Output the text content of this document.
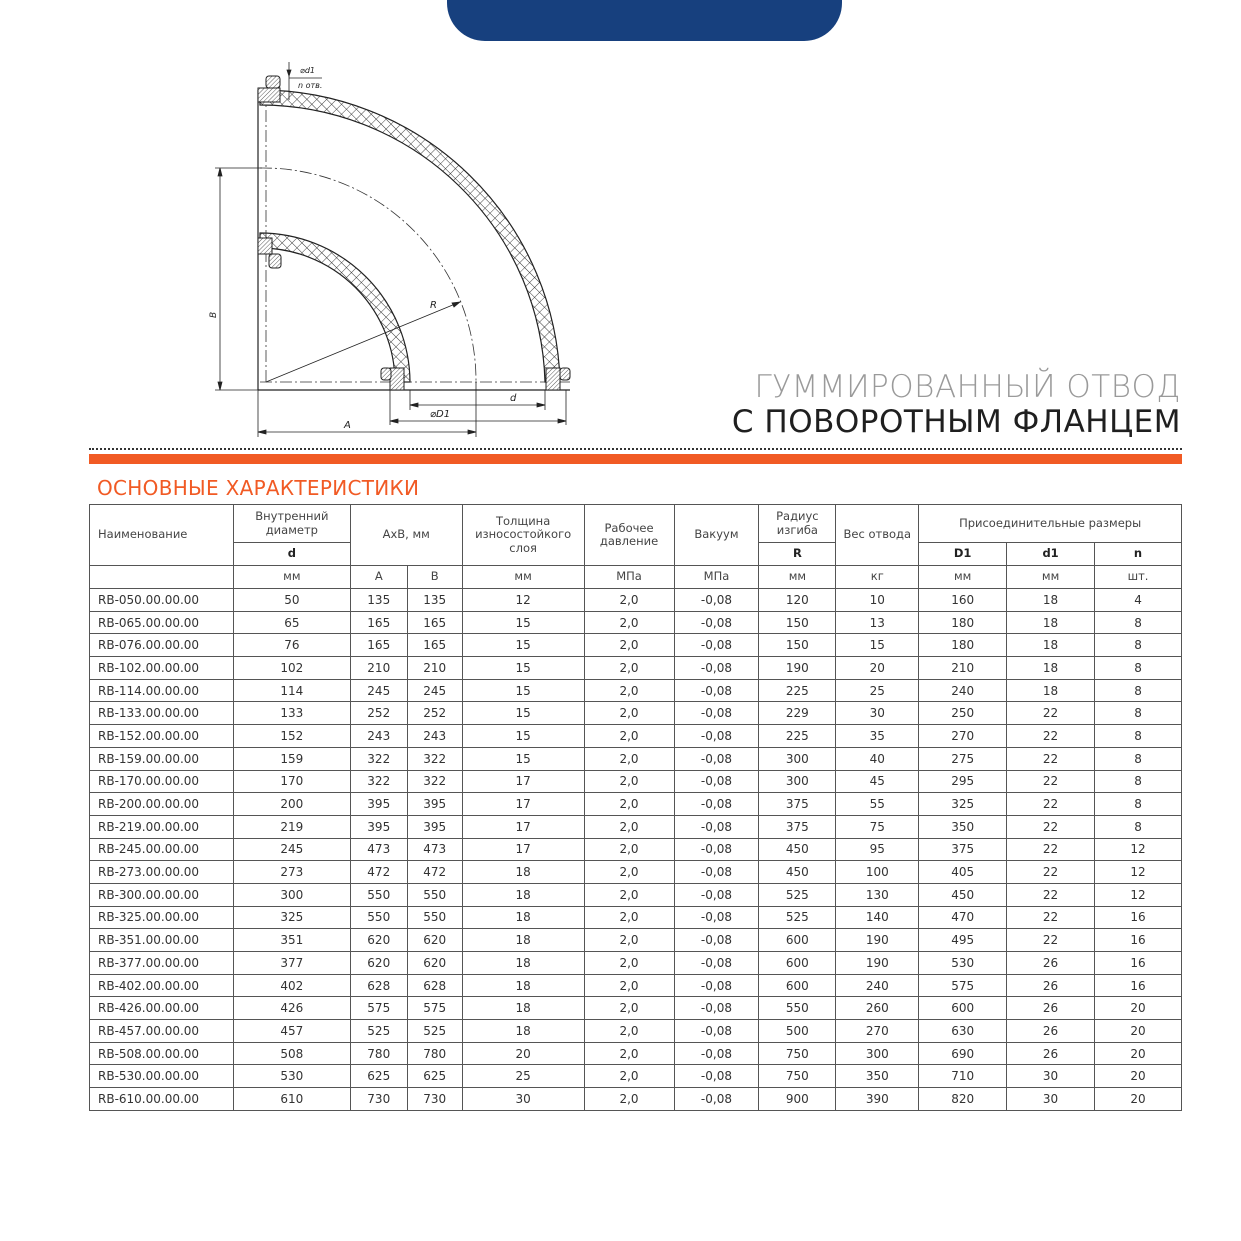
B
R
d
⌀D1
A
⌀d1
n отв.
ГУММИРОВАННЫЙ ОТВОД
С ПОВОРОТНЫМ ФЛАНЦЕМ
ОСНОВНЫЕ ХАРАКТЕРИСТИКИ
Наименование	Внутренний диаметр	AxB, мм		Толщина износостойкого слоя	Рабочее давление	Вакуум	Радиус изгиба	Вес отвода	Присоединительные размеры		
	d						R		D1	d1	n
	мм	A	B	мм	МПа	МПа	мм	кг	мм	мм	шт.
RB-050.00.00.00	50	135	135	12	2,0	-0,08	120	10	160	18	4
RB-065.00.00.00	65	165	165	15	2,0	-0,08	150	13	180	18	8
RB-076.00.00.00	76	165	165	15	2,0	-0,08	150	15	180	18	8
RB-102.00.00.00	102	210	210	15	2,0	-0,08	190	20	210	18	8
RB-114.00.00.00	114	245	245	15	2,0	-0,08	225	25	240	18	8
RB-133.00.00.00	133	252	252	15	2,0	-0,08	229	30	250	22	8
RB-152.00.00.00	152	243	243	15	2,0	-0,08	225	35	270	22	8
RB-159.00.00.00	159	322	322	15	2,0	-0,08	300	40	275	22	8
RB-170.00.00.00	170	322	322	17	2,0	-0,08	300	45	295	22	8
RB-200.00.00.00	200	395	395	17	2,0	-0,08	375	55	325	22	8
RB-219.00.00.00	219	395	395	17	2,0	-0,08	375	75	350	22	8
RB-245.00.00.00	245	473	473	17	2,0	-0,08	450	95	375	22	12
RB-273.00.00.00	273	472	472	18	2,0	-0,08	450	100	405	22	12
RB-300.00.00.00	300	550	550	18	2,0	-0,08	525	130	450	22	12
RB-325.00.00.00	325	550	550	18	2,0	-0,08	525	140	470	22	16
RB-351.00.00.00	351	620	620	18	2,0	-0,08	600	190	495	22	16
RB-377.00.00.00	377	620	620	18	2,0	-0,08	600	190	530	26	16
RB-402.00.00.00	402	628	628	18	2,0	-0,08	600	240	575	26	16
RB-426.00.00.00	426	575	575	18	2,0	-0,08	550	260	600	26	20
RB-457.00.00.00	457	525	525	18	2,0	-0,08	500	270	630	26	20
RB-508.00.00.00	508	780	780	20	2,0	-0,08	750	300	690	26	20
RB-530.00.00.00	530	625	625	25	2,0	-0,08	750	350	710	30	20
RB-610.00.00.00	610	730	730	30	2,0	-0,08	900	390	820	30	20
